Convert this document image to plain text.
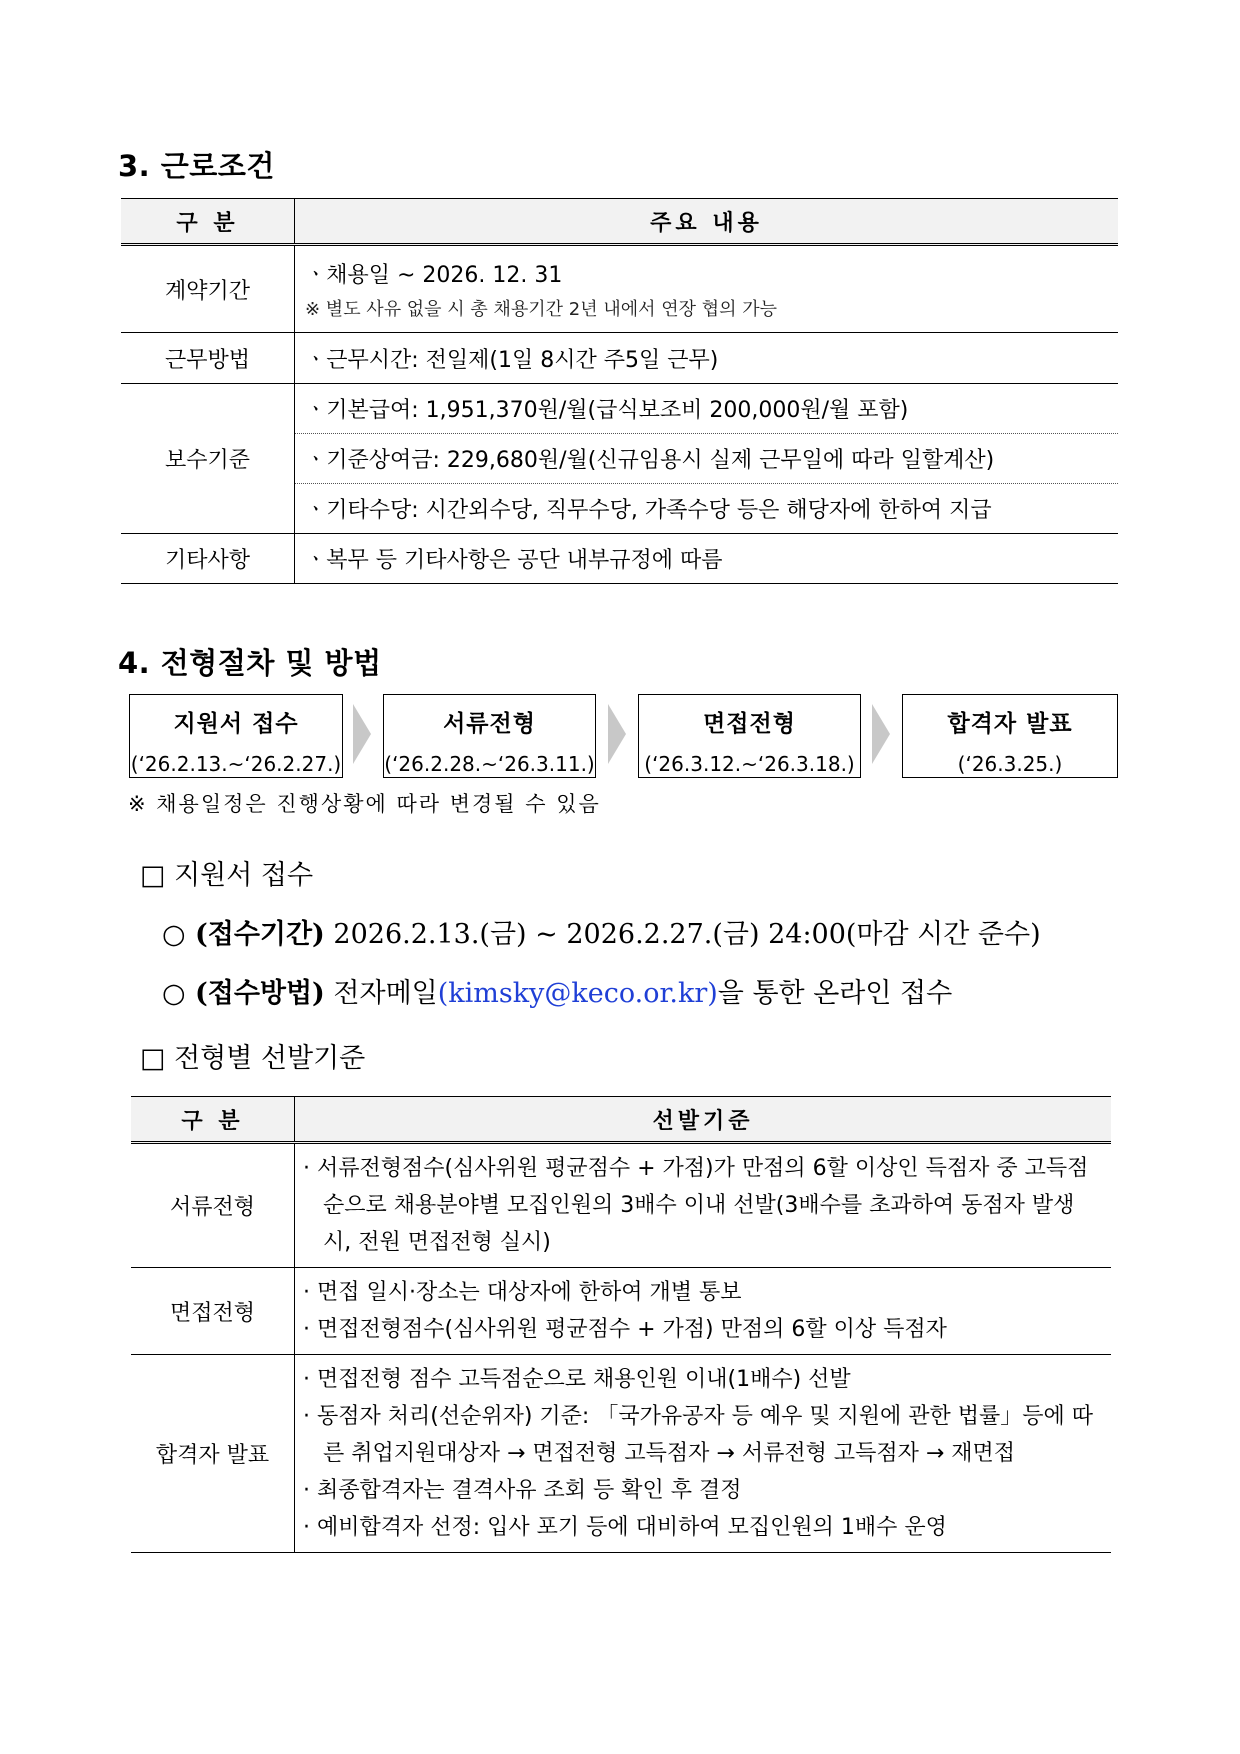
3. 근로조건
구 분	주요 내용
계약기간	ㆍ채용일 ~ 2026. 12. 31
※ 별도 사유 없을 시 총 채용기간 2년 내에서 연장 협의 가능

근무방법	ㆍ근무시간: 전일제(1일 8시간 주5일 근무)
보수기준	ㆍ기본급여: 1,951,370원/월(급식보조비 200,000원/월 포함)
	ㆍ기준상여금: 229,680원/월(신규임용시 실제 근무일에 따라 일할계산)
	ㆍ기타수당: 시간외수당, 직무수당, 가족수당 등은 해당자에 한하여 지급
기타사항	ㆍ복무 등 기타사항은 공단 내부규정에 따름
4. 전형절차 및 방법
지원서 접수
(‘26.2.13.~‘26.2.27.)
서류전형
(‘26.2.28.~‘26.3.11.)
면접전형
(‘26.3.12.~‘26.3.18.)
합격자 발표
(‘26.3.25.)
※ 채용일정은 진행상황에 따라 변경될 수 있음
□ 지원서 접수
○ (접수기간) 2026.2.13.(금) ~ 2026.2.27.(금) 24:00(마감 시간 준수)
○ (접수방법) 전자메일(kimsky@keco.or.kr)을 통한 온라인 접수
□ 전형별 선발기준
구 분	선발기준
서류전형	· 서류전형점수(심사위원 평균점수 + 가점)가 만점의 6할 이상인 득점자 중 고득점순으로 채용분야별 모집인원의 3배수 이내 선발(3배수를 초과하여 동점자 발생 시, 전원 면접전형 실시)

면접전형	· 면접 일시·장소는 대상자에 한하여 개별 통보
· 면접전형점수(심사위원 평균점수 + 가점) 만점의 6할 이상 득점자

합격자 발표	· 면접전형 점수 고득점순으로 채용인원 이내(1배수) 선발
· 동점자 처리(선순위자) 기준: 「국가유공자 등 예우 및 지원에 관한 법률」등에 따른 취업지원대상자 → 면접전형 고득점자 → 서류전형 고득점자 → 재면접
· 최종합격자는 결격사유 조회 등 확인 후 결정
· 예비합격자 선정: 입사 포기 등에 대비하여 모집인원의 1배수 운영
